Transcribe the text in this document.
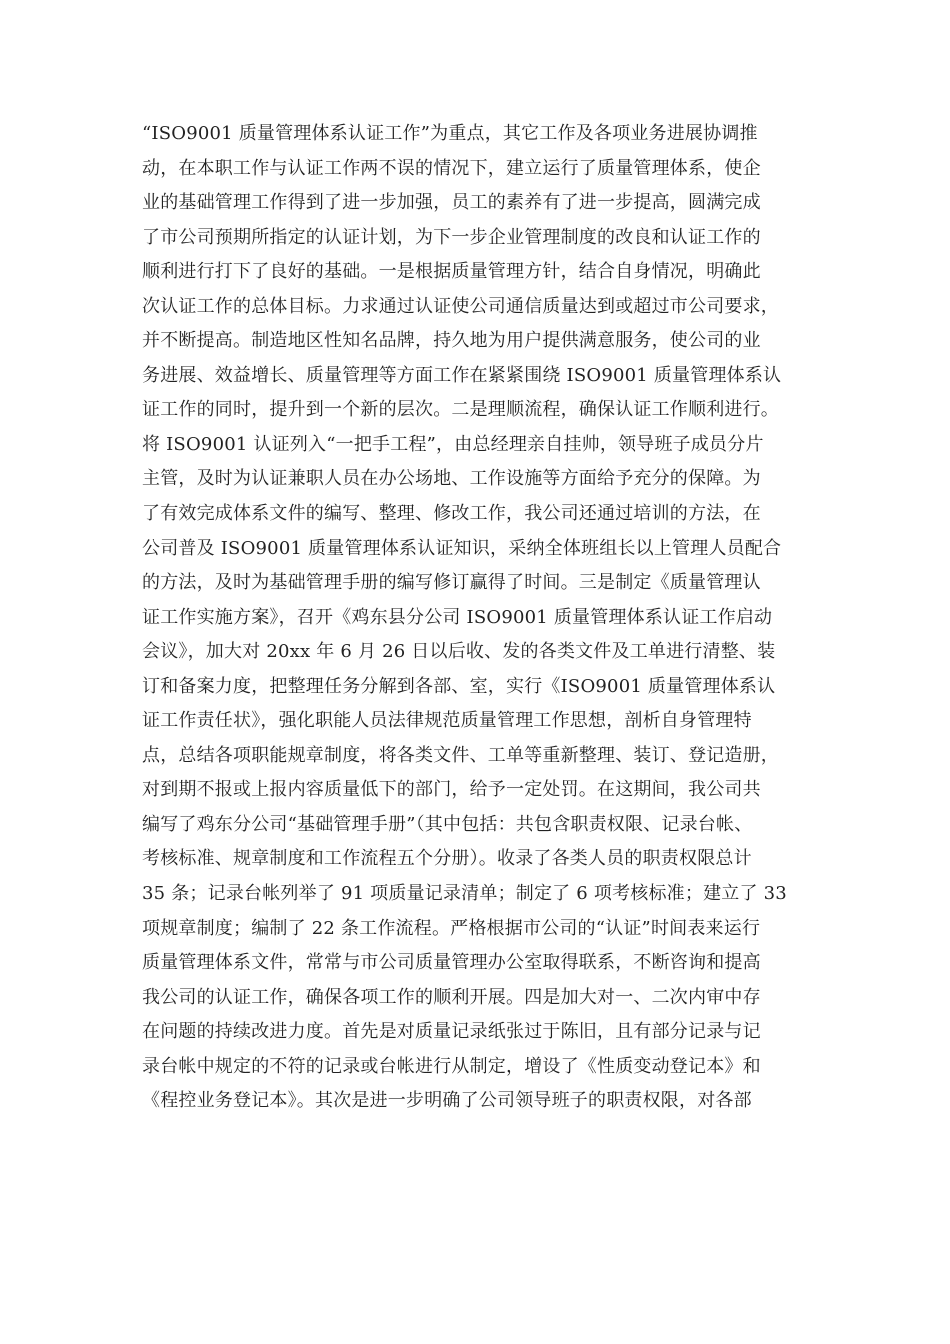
“ISO9001 质量管理体系认证工作”为重点，其它工作及各项业务进展协调推
动，在本职工作与认证工作两不误的情况下，建立运行了质量管理体系，使企
业的基础管理工作得到了进一步加强，员工的素养有了进一步提高，圆满完成
了市公司预期所指定的认证计划，为下一步企业管理制度的改良和认证工作的
顺利进行打下了良好的基础。一是根据质量管理方针，结合自身情况，明确此
次认证工作的总体目标。力求通过认证使公司通信质量达到或超过市公司要求，
并不断提高。制造地区性知名品牌，持久地为用户提供满意服务，使公司的业
务进展、效益增长、质量管理等方面工作在紧紧围绕 ISO9001 质量管理体系认
证工作的同时，提升到一个新的层次。二是理顺流程，确保认证工作顺利进行。
将 ISO9001 认证列入“一把手工程”，由总经理亲自挂帅，领导班子成员分片
主管，及时为认证兼职人员在办公场地、工作设施等方面给予充分的保障。为
了有效完成体系文件的编写、整理、修改工作，我公司还通过培训的方法，在
公司普及 ISO9001 质量管理体系认证知识，采纳全体班组长以上管理人员配合
的方法，及时为基础管理手册的编写修订赢得了时间。三是制定《质量管理认
证工作实施方案》，召开《鸡东县分公司 ISO9001 质量管理体系认证工作启动
会议》，加大对 20xx 年 6 月 26 日以后收、发的各类文件及工单进行清整、装
订和备案力度，把整理任务分解到各部、室，实行《ISO9001 质量管理体系认
证工作责任状》，强化职能人员法律规范质量管理工作思想，剖析自身管理特
点，总结各项职能规章制度，将各类文件、工单等重新整理、装订、登记造册，
对到期不报或上报内容质量低下的部门，给予一定处罚。在这期间，我公司共
编写了鸡东分公司“基础管理手册”（其中包括：共包含职责权限、记录台帐、
考核标准、规章制度和工作流程五个分册）。收录了各类人员的职责权限总计
35 条；记录台帐列举了 91 项质量记录清单；制定了 6 项考核标准；建立了 33
项规章制度；编制了 22 条工作流程。严格根据市公司的“认证”时间表来运行
质量管理体系文件，常常与市公司质量管理办公室取得联系，不断咨询和提高
我公司的认证工作，确保各项工作的顺利开展。四是加大对一、二次内审中存
在问题的持续改进力度。首先是对质量记录纸张过于陈旧，且有部分记录与记
录台帐中规定的不符的记录或台帐进行从制定，增设了《性质变动登记本》和
《程控业务登记本》。其次是进一步明确了公司领导班子的职责权限，对各部
